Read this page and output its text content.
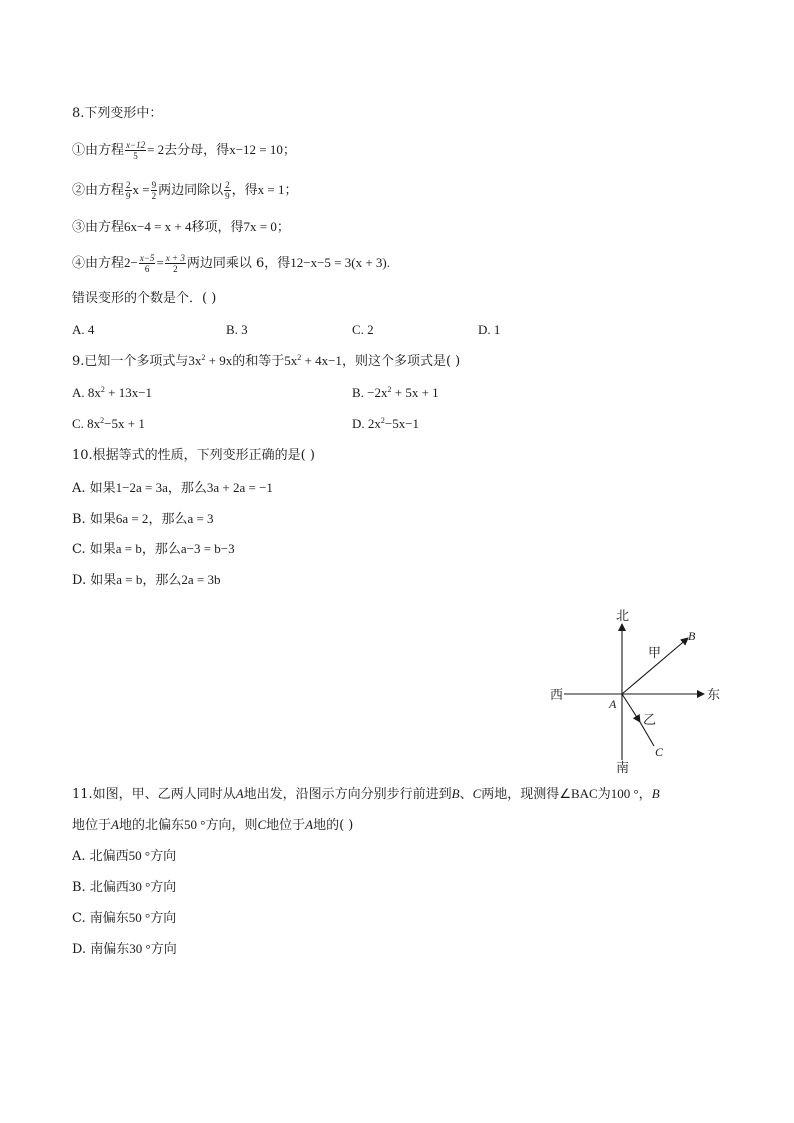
8.下列变形中：
①由方程 $\frac{x-12}{5} = 2$去分母，得x−12 = 10；
②由方程 $\frac{2}{9}$ $x = \frac{9}{2}$ 两边同除以 $\frac{2}{9}$ ，得x = 1；
③由方程6x−4 = x + 4移项，得7x = 0；
④由方程$2- \frac{x-5}{6} = \frac{x + 3}{2}$ 两边同乘以 6，得12−x−5 = 3(x + 3).
错误变形的个数是个．( )
A. 4	B. 3	C. 2	D. 1
9.已知一个多项式与$3x^2 + 9x$的和等于$5x^2 + 4x-1$，则这个多项式是( )
A. $8x^2 + 13x-1$	B. $-2x^2 + 5x + 1$
C. $8x^2-5x + 1$	D. $2x^2-5x-1$
10.根据等式的性质，下列变形正确的是( )
A. 如果1−2a = 3a，那么3a + 2a = −1
B. 如果6a = 2，那么a = 3
C. 如果a = b，那么a−3 = b−3
D. 如果a = b，那么2a = 3b
北
南
西	东
A
B
C
甲
乙
11.如图，甲、乙两人同时从A地出发，沿图示方向分别步行前进到B、C两地，现测得∠BAC为100 °，B
地位于A地的北偏东50 °方向，则C地位于A地的( )
A. 北偏西50 °方向
B. 北偏西30 °方向
C. 南偏东50 °方向
D. 南偏东30 °方向
